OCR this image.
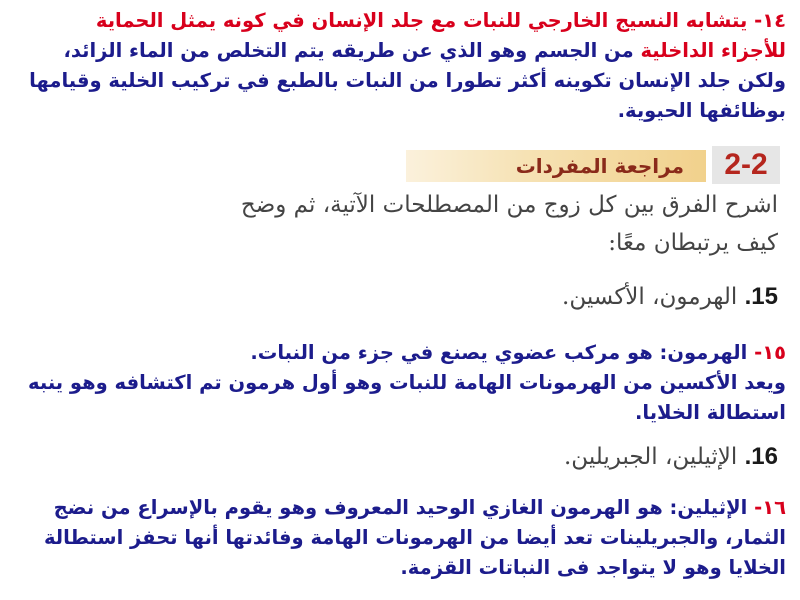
١٤- يتشابه النسيج الخارجي للنبات مع جلد الإنسان في كونه يمثل الحماية
للأجزاء الداخلية من الجسم وهو الذي عن طريقه يتم التخلص من الماء الزائد،
ولكن جلد الإنسان تكوينه أكثر تطورا من النبات بالطبع في تركيب الخلية وقيامها
بوظائفها الحيوية.
2-2
مراجعة المفردات
اشرح الفرق بين كل زوج من المصطلحات الآتية، ثم وضح
كيف يرتبطان معًا:
15. الهرمون، الأكسين.
١٥- الهرمون: هو مركب عضوي يصنع في جزء من النبات.
ويعد الأكسين من الهرمونات الهامة للنبات وهو أول هرمون تم اكتشافه وهو ينبه
استطالة الخلايا.
16. الإثيلين، الجبريلين.
١٦- الإثيلين: هو الهرمون الغازي الوحيد المعروف وهو يقوم بالإسراع من نضج
الثمار، والجبريلينات تعد أيضا من الهرمونات الهامة وفائدتها أنها تحفز استطالة
الخلايا وهو لا يتواجد فى النباتات القزمة.
